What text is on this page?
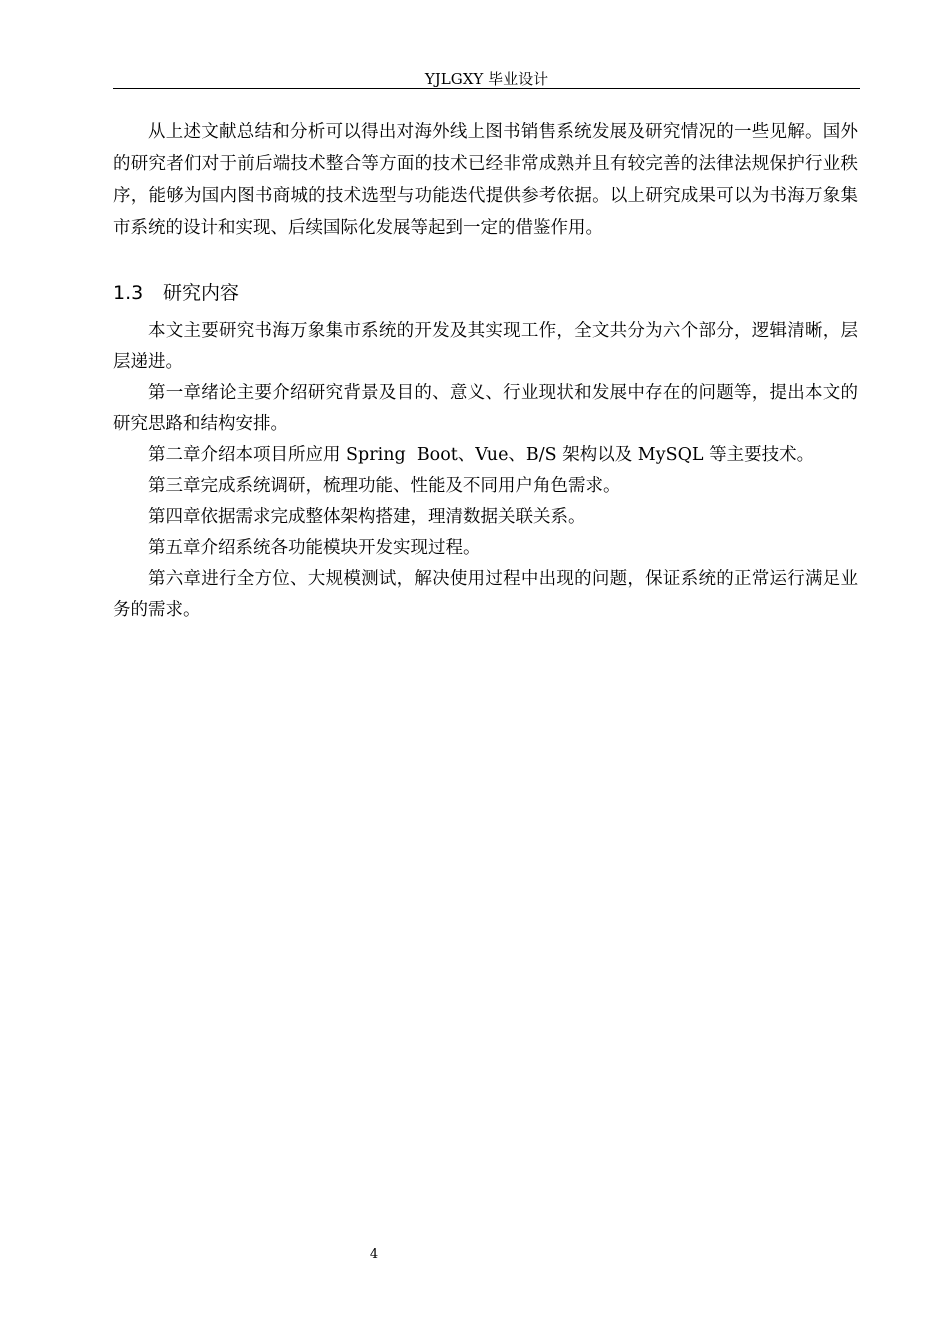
YJLGXY 毕业设计

从上述文献总结和分析可以得出对海外线上图书销售系统发展及研究情况的一些见解。国外的研究者们对于前后端技术整合等方面的技术已经非常成熟并且有较完善的法律法规保护行业秩序，能够为国内图书商城的技术选型与功能迭代提供参考依据。以上研究成果可以为书海万象集市系统的设计和实现、后续国际化发展等起到一定的借鉴作用。

1.3 研究内容

本文主要研究书海万象集市系统的开发及其实现工作，全文共分为六个部分，逻辑清晰，层层递进。

第一章绪论主要介绍研究背景及目的、意义、行业现状和发展中存在的问题等，提出本文的研究思路和结构安排。

第二章介绍本项目所应用 Spring  Boot、Vue、B/S 架构以及 MySQL 等主要技术。

第三章完成系统调研，梳理功能、性能及不同用户角色需求。

第四章依据需求完成整体架构搭建，理清数据关联关系。

第五章介绍系统各功能模块开发实现过程。

第六章进行全方位、大规模测试，解决使用过程中出现的问题，保证系统的正常运行满足业务的需求。

4
